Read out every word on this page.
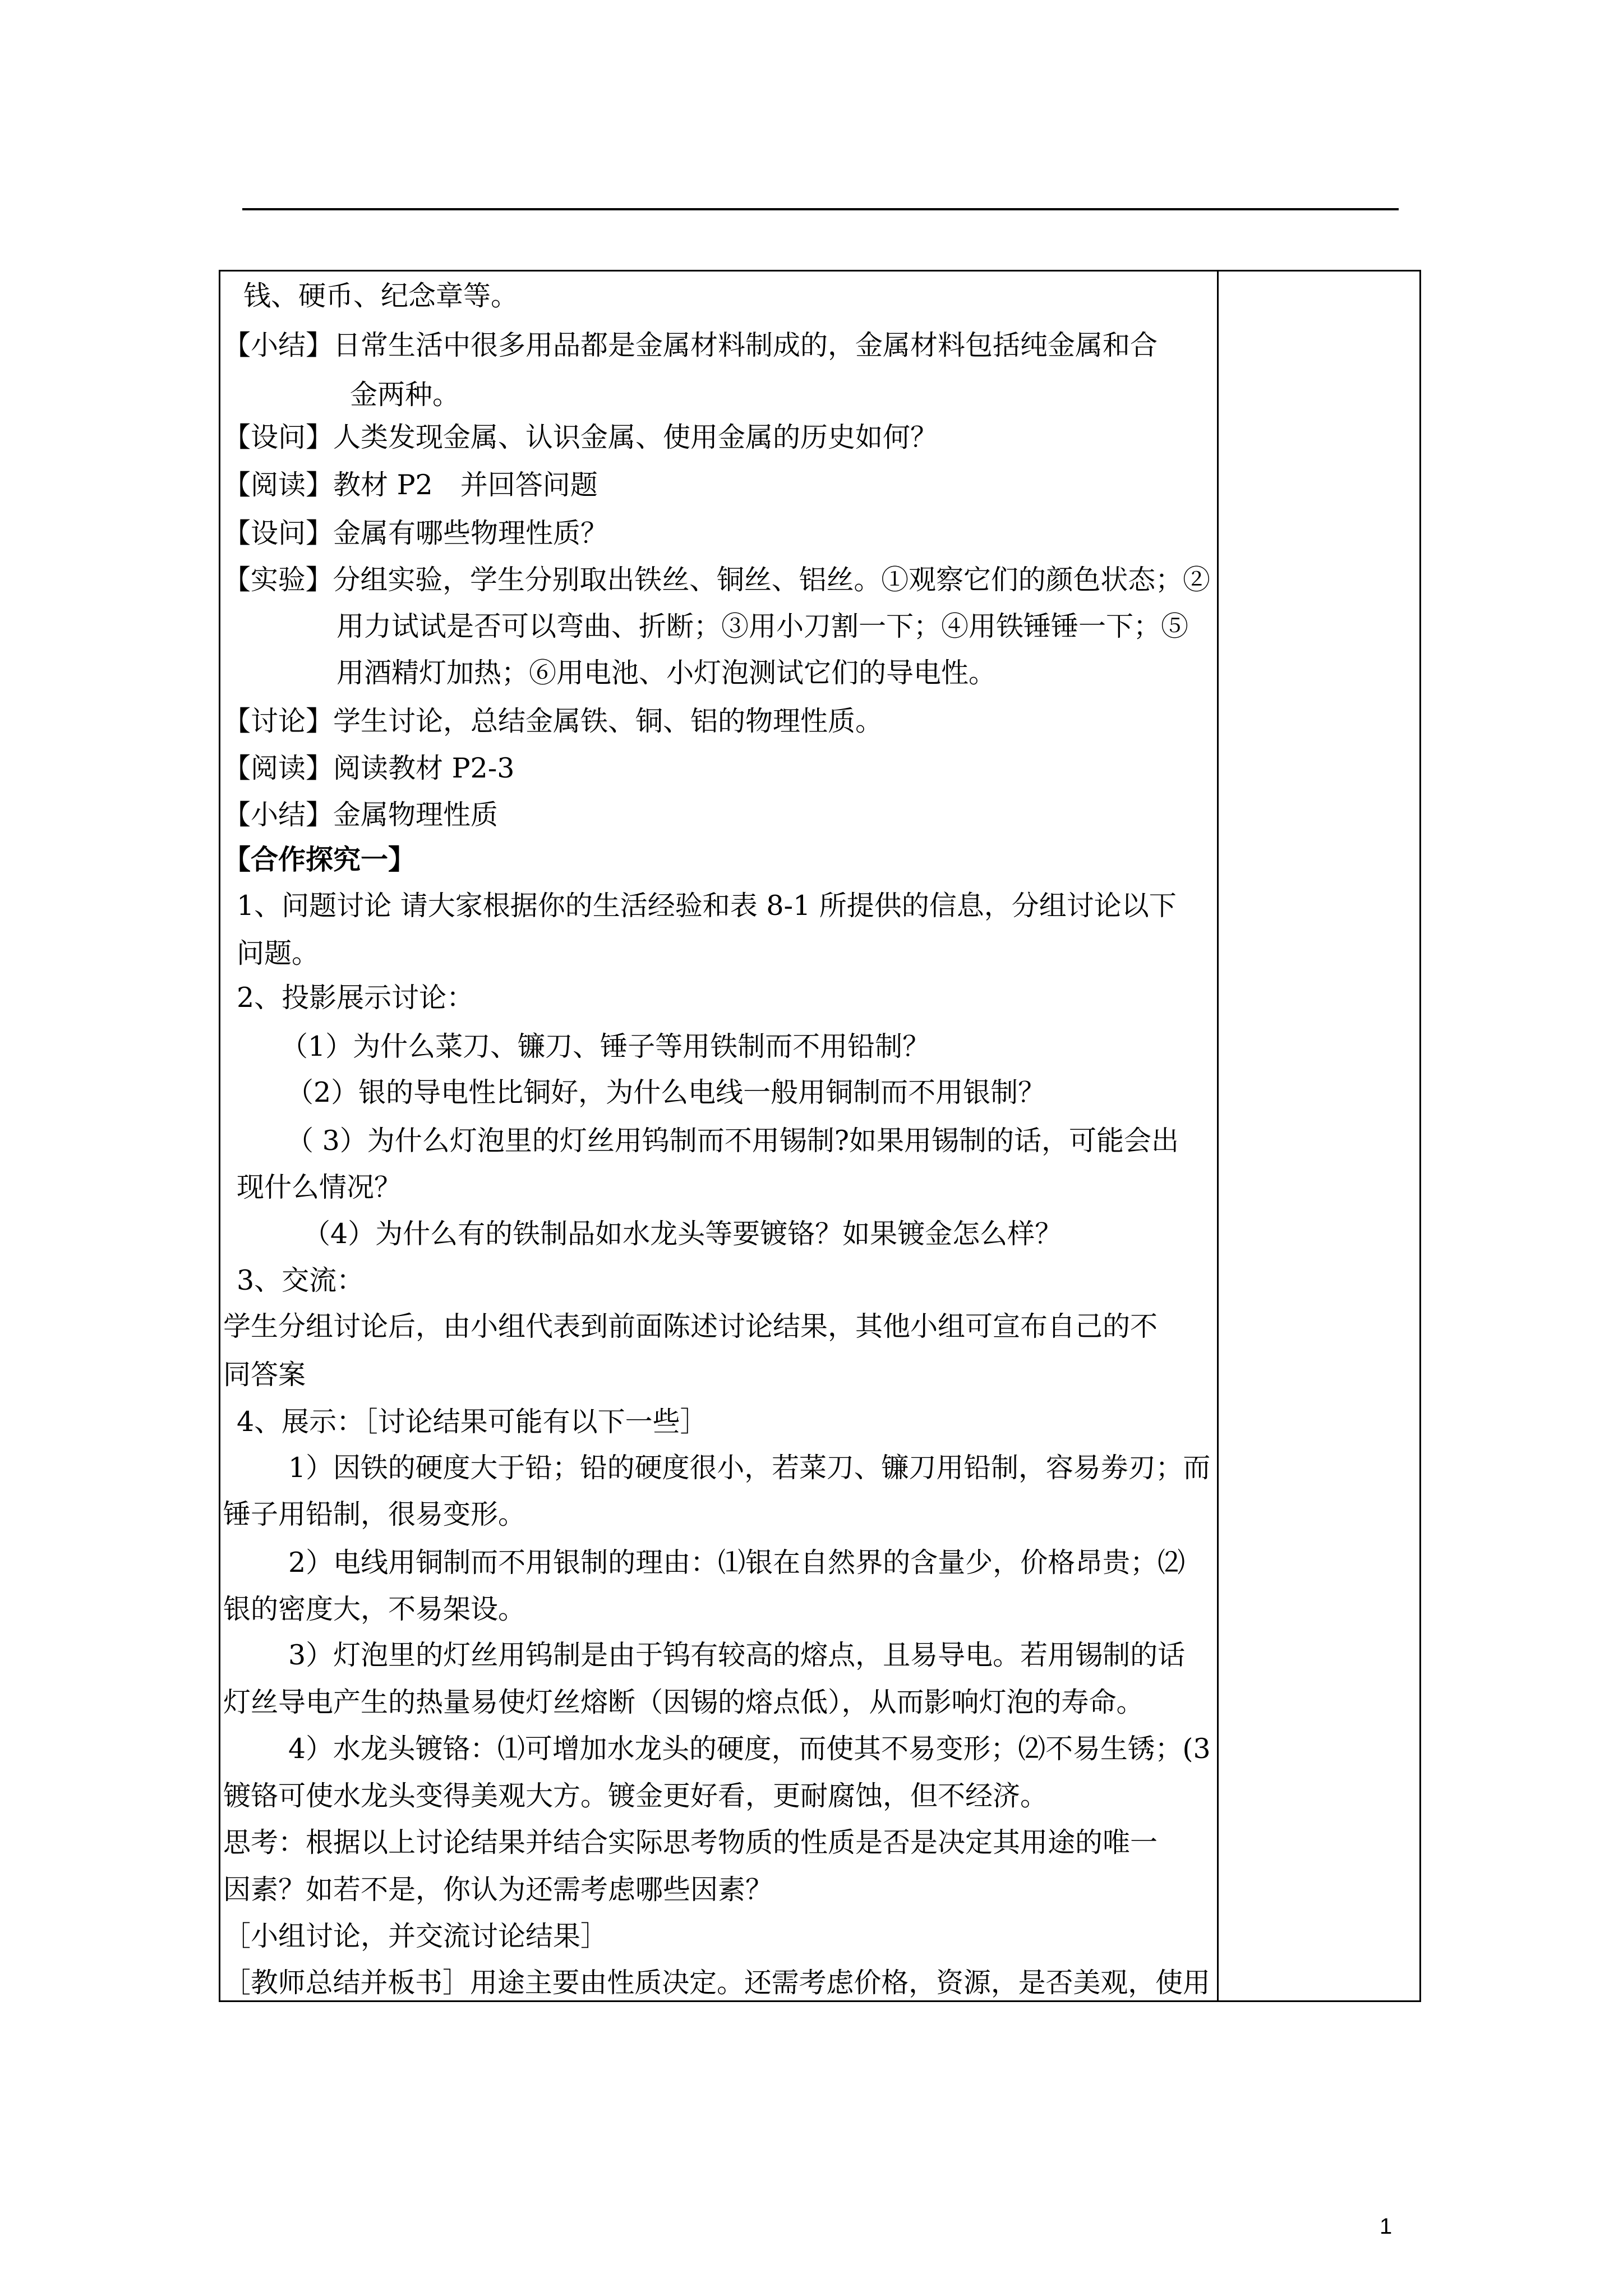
钱、硬币、纪念章等。
【小结】日常生活中很多用品都是金属材料制成的，金属材料包括纯金属和合
金两种。
【设问】人类发现金属、认识金属、使用金属的历史如何？
【阅读】教材 P2　并回答问题
【设问】金属有哪些物理性质？
【实验】分组实验，学生分别取出铁丝、铜丝、铝丝。①观察它们的颜色状态；②
用力试试是否可以弯曲、折断；③用小刀割一下；④用铁锤锤一下；⑤
用酒精灯加热；⑥用电池、小灯泡测试它们的导电性。
【讨论】学生讨论，总结金属铁、铜、铝的物理性质。
【阅读】阅读教材 P2-3
【小结】金属物理性质
【合作探究一】
1、问题讨论 请大家根据你的生活经验和表 8-1 所提供的信息，分组讨论以下
问题。
2、投影展示讨论：
（1）为什么菜刀、镰刀、锤子等用铁制而不用铅制？
（2）银的导电性比铜好，为什么电线一般用铜制而不用银制？
（ 3）为什么灯泡里的灯丝用钨制而不用锡制?如果用锡制的话，可能会出
现什么情况？
（4）为什么有的铁制品如水龙头等要镀铬？如果镀金怎么样？
3、交流：
学生分组讨论后，由小组代表到前面陈述讨论结果，其他小组可宣布自己的不
同答案
4、展示：［讨论结果可能有以下一些］
1）因铁的硬度大于铅；铅的硬度很小，若菜刀、镰刀用铅制，容易劵刃；而
锤子用铅制，很易变形。
2）电线用铜制而不用银制的理由：⑴银在自然界的含量少，价格昂贵；⑵
银的密度大，不易架设。
3）灯泡里的灯丝用钨制是由于钨有较高的熔点，且易导电。若用锡制的话
灯丝导电产生的热量易使灯丝熔断（因锡的熔点低），从而影响灯泡的寿命。
4）水龙头镀铬：⑴可增加水龙头的硬度，而使其不易变形；⑵不易生锈；(3
镀铬可使水龙头变得美观大方。镀金更好看，更耐腐蚀，但不经济。
思考：根据以上讨论结果并结合实际思考物质的性质是否是决定其用途的唯一
因素？如若不是，你认为还需考虑哪些因素？
［小组讨论，并交流讨论结果］
［教师总结并板书］用途主要由性质决定。还需考虑价格，资源，是否美观，使用
1
